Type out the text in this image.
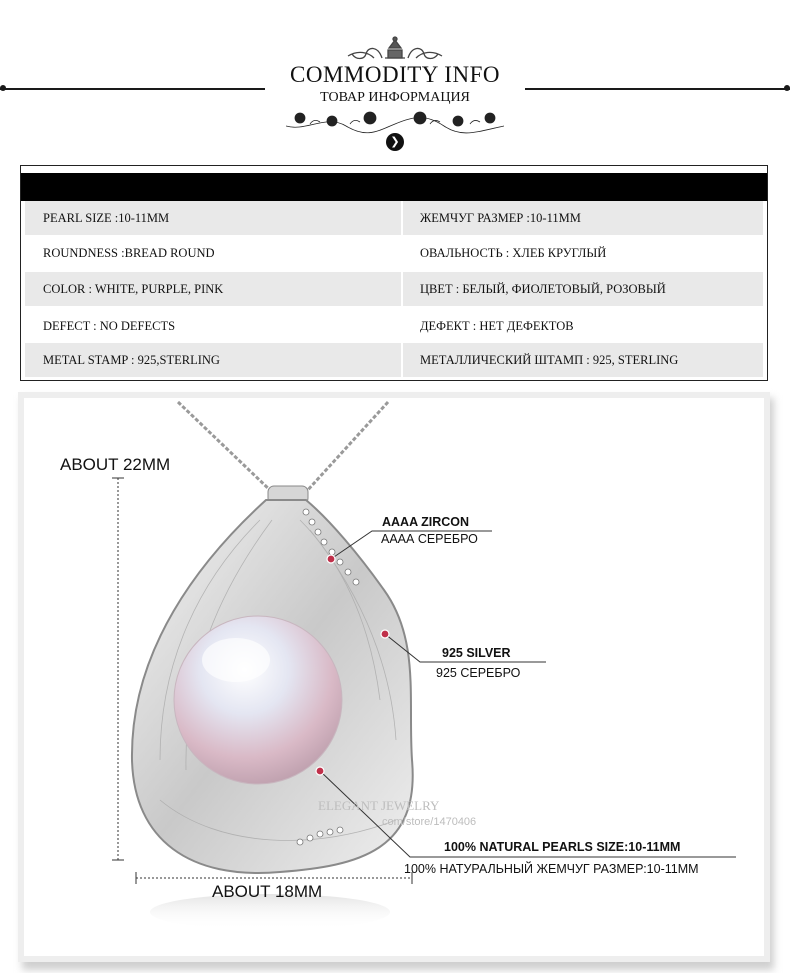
COMMODITY INFO
ТОВАР ИНФОРМАЦИЯ
❯
PEARL SIZE :10-11MM	ЖЕМЧУГ РАЗМЕР :10-11MM
ROUNDNESS :BREAD ROUND	ОВАЛЬНОСТЬ : ХЛЕБ КРУГЛЫЙ
COLOR : WHITE, PURPLE, PINK	ЦВЕТ : БЕЛЫЙ, ФИОЛЕТОВЫЙ, РОЗОВЫЙ
DEFECT : NO DEFECTS	ДЕФЕКТ : НЕТ ДЕФЕКТОВ
METAL STAMP : 925,STERLING	МЕТАЛЛИЧЕСКИЙ ШТАМП : 925, STERLING
ELEGANT JEWELRY
com/store/1470406
ABOUT 22MM
ABOUT 18MM
AAAA ZIRCON
АААА СЕРЕБРО
925 SILVER
925 СЕРЕБРО
100% NATURAL PEARLS SIZE:10-11MM
100% НАТУРАЛЬНЫЙ ЖЕМЧУГ РАЗМЕР:10-11MM
